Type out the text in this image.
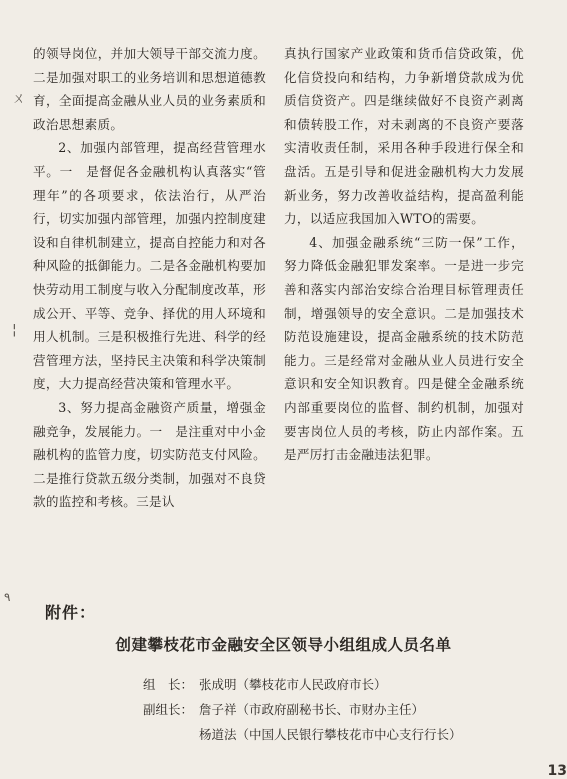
ㄨ
¦
٩

的领导岗位，并加大领导干部交流力度。二是加强对职工的业务培训和思想道德教育，全面提高金融从业人员的业务素质和政治思想素质。

2、加强内部管理，提高经营管理水平。一　是督促各金融机构认真落实“管理年”的各项要求，依法治行，从严治行，切实加强内部管理，加强内控制度建设和自律机制建立，提高自控能力和对各种风险的抵御能力。二是各金融机构要加快劳动用工制度与收入分配制度改革，形成公开、平等、竞争、择优的用人环境和用人机制。三是积极推行先进、科学的经营管理方法，坚持民主决策和科学决策制度，大力提高经营决策和管理水平。

3、努力提高金融资产质量，增强金融竞争，发展能力。一　是注重对中小金融机构的监管力度，切实防范支付风险。二是推行贷款五级分类制，加强对不良贷款的监控和考核。三是认

真执行国家产业政策和货币信贷政策，优化信贷投向和结构，力争新增贷款成为优质信贷资产。四是继续做好不良资产剥离和债转股工作，对未剥离的不良资产要落实清收责任制，采用各种手段进行保全和盘活。五是引导和促进金融机构大力发展新业务，努力改善收益结构，提高盈利能力，以适应我国加入WTO的需要。

4、加强金融系统“三防一保”工作，努力降低金融犯罪发案率。一是进一步完善和落实内部治安综合治理目标管理责任制，增强领导的安全意识。二是加强技术防范设施建设，提高金融系统的技术防范能力。三是经常对金融从业人员进行安全意识和安全知识教育。四是健全金融系统内部重要岗位的监督、制约机制，加强对要害岗位人员的考核，防止内部作案。五是严厉打击金融违法犯罪。

附件：
创建攀枝花市金融安全区领导小组组成人员名单
组　长： 张成明（攀枝花市人民政府市长）
副组长： 詹子祥（市政府副秘书长、市财办主任）
杨道法（中国人民银行攀枝花市中心支行行长）
13
